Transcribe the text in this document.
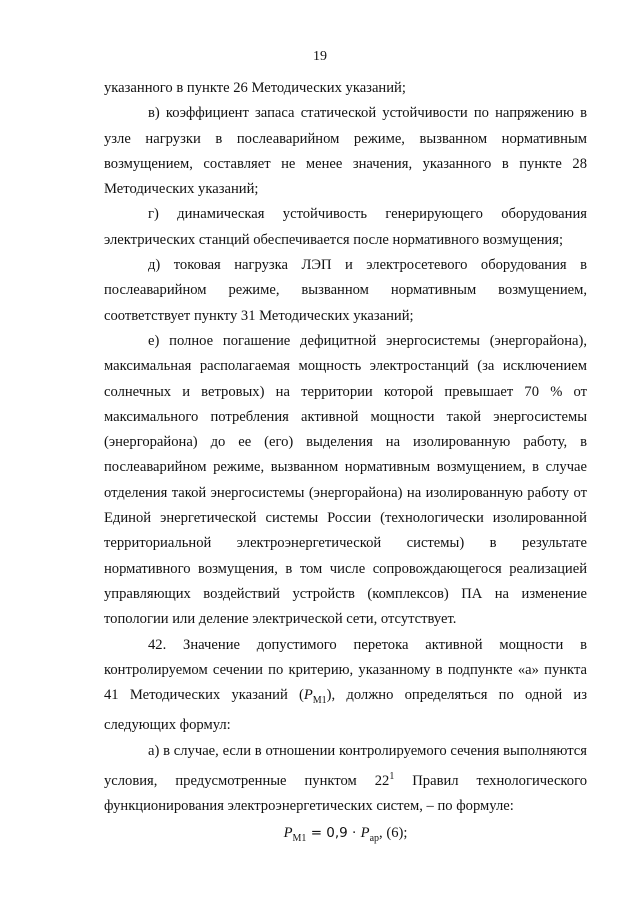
19

указанного в пункте 26 Методических указаний;

в) коэффициент запаса статической устойчивости по напряжению в узле нагрузки в послеаварийном режиме, вызванном нормативным возмущением, составляет не менее значения, указанного в пункте 28 Методических указаний;

г) динамическая устойчивость генерирующего оборудования электрических станций обеспечивается после нормативного возмущения;

д) токовая нагрузка ЛЭП и электросетевого оборудования в послеаварийном режиме, вызванном нормативным возмущением, соответствует пункту 31 Методических указаний;

е) полное погашение дефицитной энергосистемы (энергорайона), максимальная располагаемая мощность электростанций (за исключением солнечных и ветровых) на территории которой превышает 70 % от максимального потребления активной мощности такой энергосистемы (энергорайона) до ее (его) выделения на изолированную работу, в послеаварийном режиме, вызванном нормативным возмущением, в случае отделения такой энергосистемы (энергорайона) на изолированную работу от Единой энергетической системы России (технологически изолированной территориальной электроэнергетической системы) в результате нормативного возмущения, в том числе сопровождающегося реализацией управляющих воздействий устройств (комплексов) ПА на изменение топологии или деление электрической сети, отсутствует.

42. Значение допустимого перетока активной мощности в контролируемом сечении по критерию, указанному в подпункте «а» пункта 41 Методических указаний $(P_{М1})$, должно определяться по одной из следующих формул:

а) в случае, если в отношении контролируемого сечения выполняются условия, предусмотренные пунктом $22^1$ Правил технологического функционирования электроэнергетических систем, – по формуле:

$P_{М1} = 0,9 \cdot P_{ар}$, (6);
